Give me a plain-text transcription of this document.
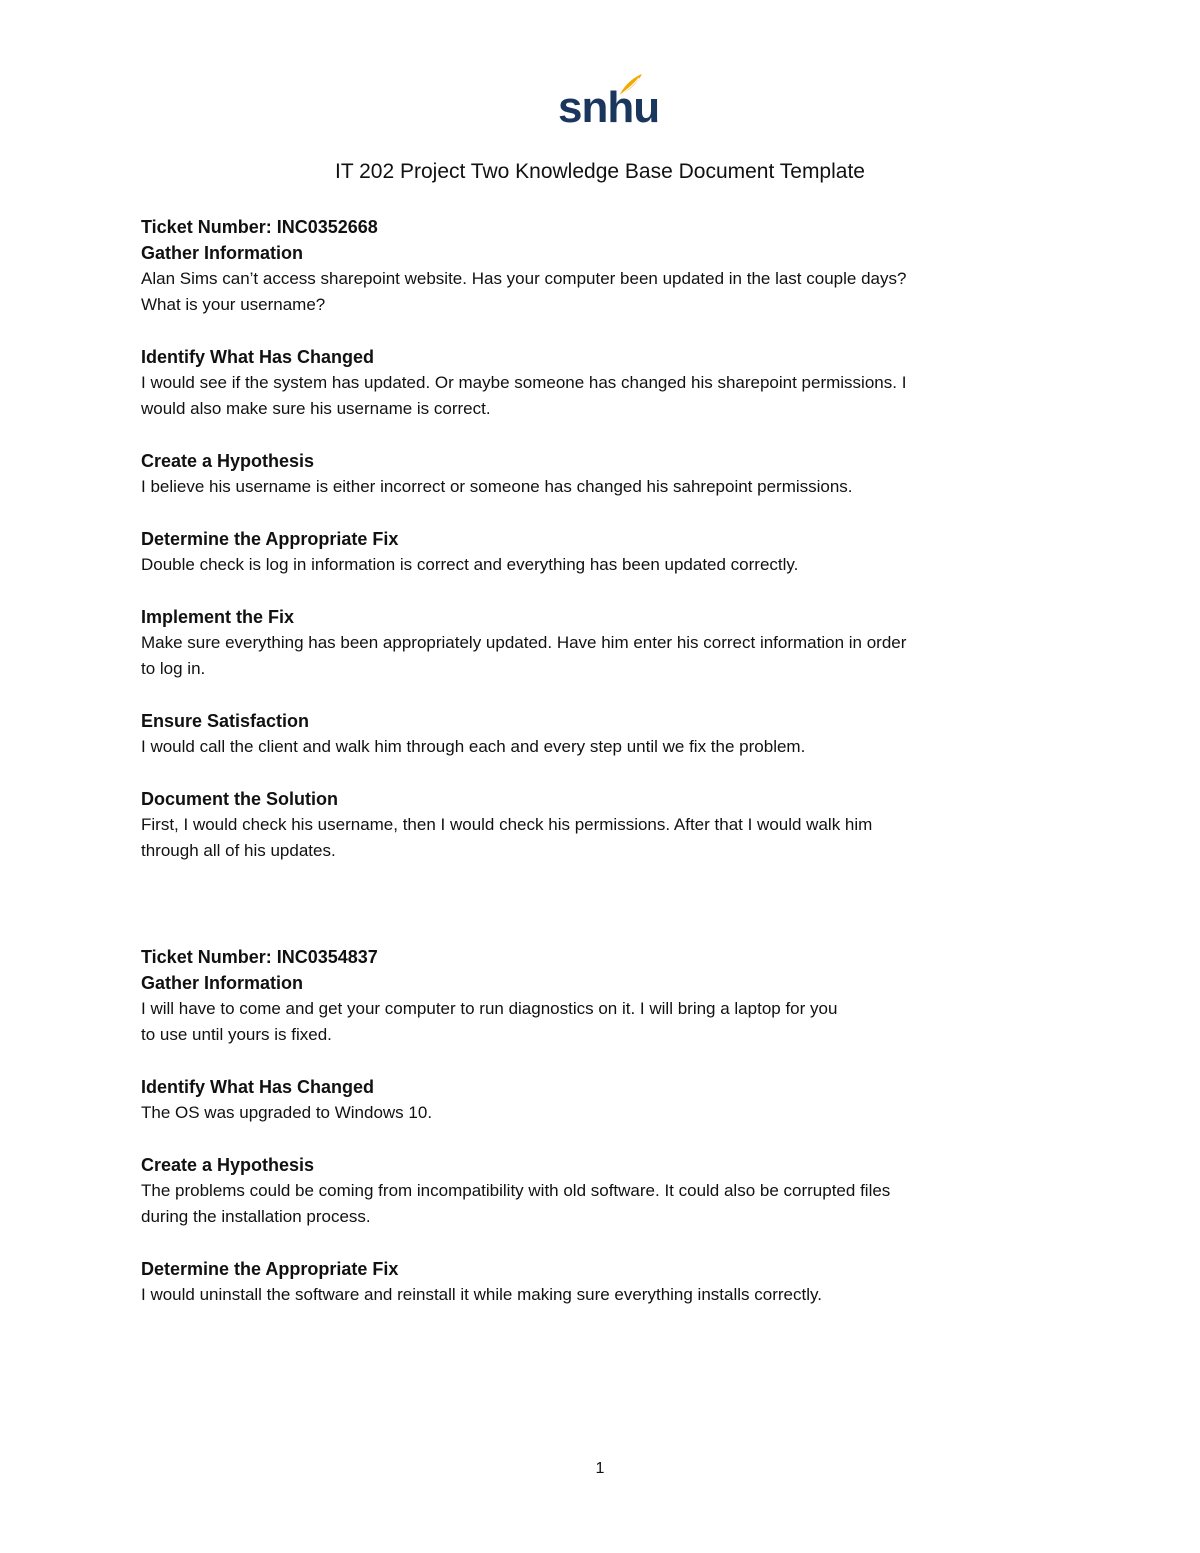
snhu
IT 202 Project Two Knowledge Base Document Template

Ticket Number: INC0352668

Gather Information

Alan Sims can’t access sharepoint website. Has your computer been updated in the last couple days?
What is your username?

Identify What Has Changed

I would see if the system has updated. Or maybe someone has changed his sharepoint permissions. I
would also make sure his username is correct.

Create a Hypothesis

I believe his username is either incorrect or someone has changed his sahrepoint permissions.

Determine the Appropriate Fix

Double check is log in information is correct and everything has been updated correctly.

Implement the Fix

Make sure everything has been appropriately updated. Have him enter his correct information in order
to log in.

Ensure Satisfaction

I would call the client and walk him through each and every step until we fix the problem.

Document the Solution

First, I would check his username, then I would check his permissions. After that I would walk him
through all of his updates.

Ticket Number: INC0354837

Gather Information

I will have to come and get your computer to run diagnostics on it. I will bring a laptop for you
to use until yours is fixed.

Identify What Has Changed

The OS was upgraded to Windows 10.

Create a Hypothesis

The problems could be coming from incompatibility with old software. It could also be corrupted files
during the installation process.

Determine the Appropriate Fix

I would uninstall the software and reinstall it while making sure everything installs correctly.

1
